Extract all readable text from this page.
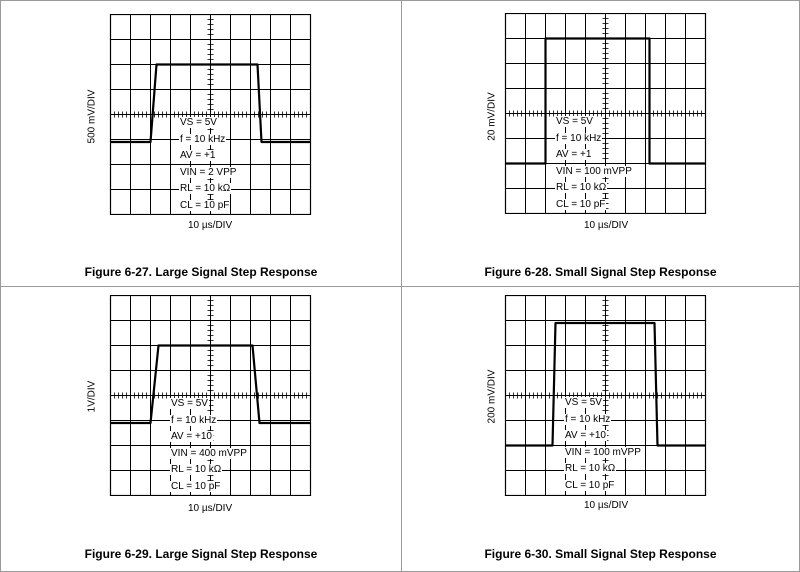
500 mV/DIV	VS = 5V
f = 10 kHz
AV = +1
VIN = 2 VPP
RL = 10 kΩ
CL = 10 pF
10 µs/DIV
Figure 6-27. Large Signal Step Response
20 mV/DIV	VS = 5V
f = 10 kHz
AV = +1
VIN = 100 mVPP
RL = 10 kΩ
CL = 10 pF
10 µs/DIV
Figure 6-28. Small Signal Step Response
1V/DIV	VS = 5V
f = 10 kHz
AV = +10
VIN = 400 mVPP
RL = 10 kΩ
CL = 10 pF
10 µs/DIV
Figure 6-29. Large Signal Step Response
200 mV/DIV	VS = 5V
f = 10 kHz
AV = +10
VIN = 100 mVPP
RL = 10 kΩ
CL = 10 pF
10 µs/DIV
Figure 6-30. Small Signal Step Response
